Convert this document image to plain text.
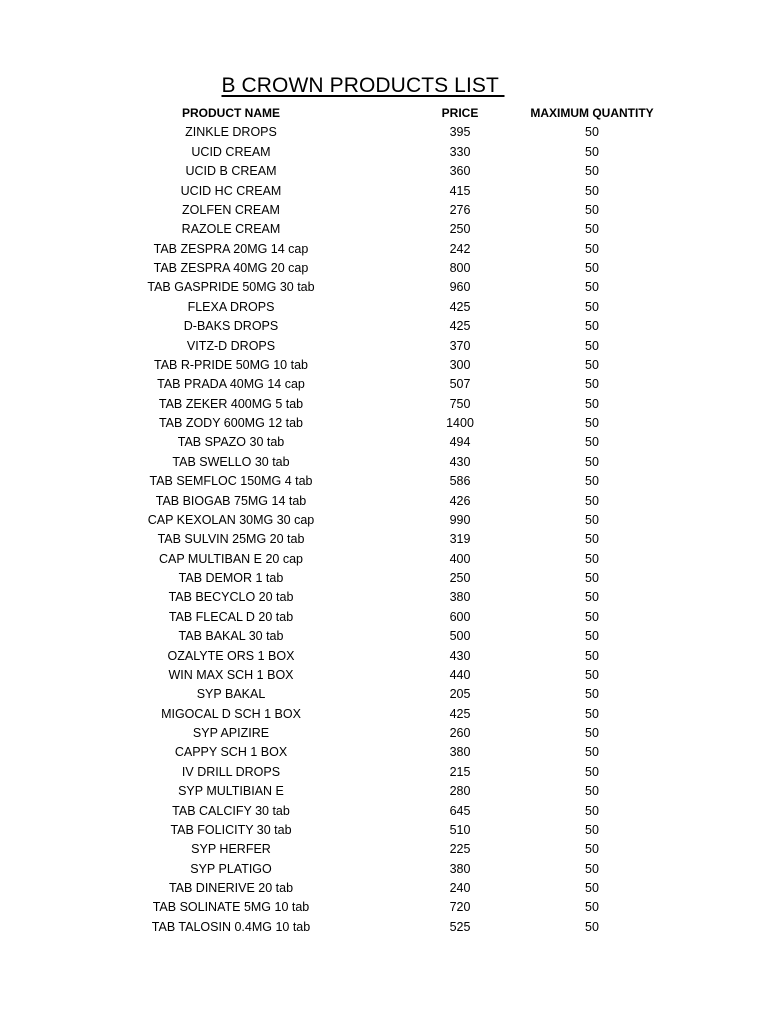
B CROWN PRODUCTS LIST
PRODUCT NAME	PRICE	MAXIMUM QUANTITY
ZINKLE DROPS	395	50
UCID CREAM	330	50
UCID B CREAM	360	50
UCID HC CREAM	415	50
ZOLFEN CREAM	276	50
RAZOLE CREAM	250	50
TAB ZESPRA 20MG 14 cap	242	50
TAB ZESPRA 40MG 20 cap	800	50
TAB GASPRIDE 50MG 30 tab	960	50
FLEXA DROPS	425	50
D-BAKS DROPS	425	50
VITZ-D DROPS	370	50
TAB R-PRIDE 50MG 10 tab	300	50
TAB PRADA 40MG 14 cap	507	50
TAB ZEKER 400MG 5 tab	750	50
TAB ZODY 600MG 12 tab	1400	50
TAB SPAZO 30 tab	494	50
TAB SWELLO 30 tab	430	50
TAB SEMFLOC 150MG 4 tab	586	50
TAB BIOGAB 75MG 14 tab	426	50
CAP KEXOLAN 30MG 30 cap	990	50
TAB SULVIN 25MG 20 tab	319	50
CAP MULTIBAN E 20 cap	400	50
TAB DEMOR 1 tab	250	50
TAB BECYCLO 20 tab	380	50
TAB FLECAL D 20 tab	600	50
TAB BAKAL 30 tab	500	50
OZALYTE ORS 1 BOX	430	50
WIN MAX SCH 1 BOX	440	50
SYP BAKAL	205	50
MIGOCAL D SCH 1 BOX	425	50
SYP APIZIRE	260	50
CAPPY SCH 1 BOX	380	50
IV DRILL DROPS	215	50
SYP MULTIBIAN E	280	50
TAB CALCIFY 30 tab	645	50
TAB FOLICITY 30 tab	510	50
SYP HERFER	225	50
SYP PLATIGO	380	50
TAB DINERIVE 20 tab	240	50
TAB SOLINATE 5MG 10 tab	720	50
TAB TALOSIN 0.4MG 10 tab	525	50
